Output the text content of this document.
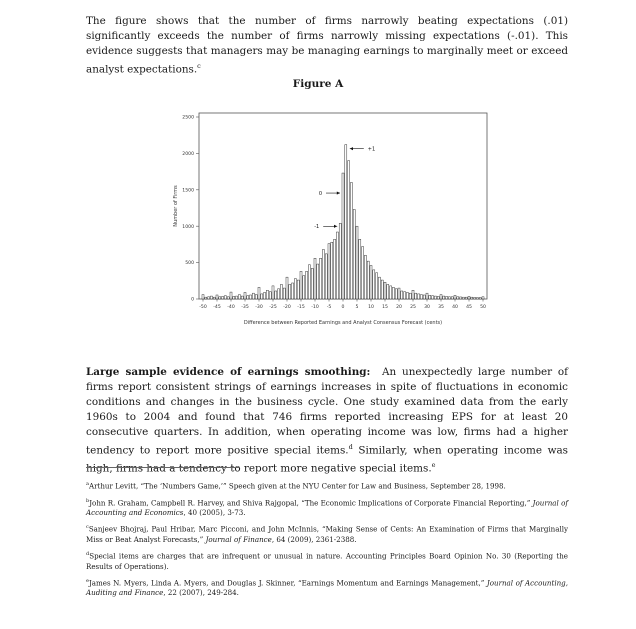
The figure shows that the number of firms narrowly beating expectations (.01) significantly exceeds the number of firms narrowly missing expectations (-.01). This evidence suggests that managers may be managing earnings to marginally meet or exceed analyst expectations.$^c$

Figure A
0
500
1000
1500
2000
2500
-50 -45 -40 -35 -30 -25 -20 -15 -10 -5 0 5 10 15 20 25 30 35 40 45 50
+1
0
-1
Number of Firms
Difference between Reported Earnings and Analyst Consensus Forecast (cents)

Large sample evidence of earnings smoothing: An unexpectedly large number of firms report consistent strings of earnings increases in spite of fluctuations in economic conditions and changes in the business cycle. One study examined data from the early 1960s to 2004 and found that 746 firms reported increasing EPS for at least 20 consecutive quarters. In addition, when operating income was low, firms had a higher tendency to report more positive special items.$^d$ Similarly, when operating income was high, firms had a tendency to report more negative special items.$^e$

$^a$Arthur Levitt, “The ‘Numbers Game,’” Speech given at the NYU Center for Law and Business, September 28, 1998.

$^b$John R. Graham, Campbell R. Harvey, and Shiva Rajgopal, “The Economic Implications of Corporate Financial Reporting,” Journal of Accounting and Economics, 40 (2005), 3-73.

$^c$Sanjeev Bhojraj, Paul Hribar, Marc Picconi, and John McInnis, “Making Sense of Cents: An Examination of Firms that Marginally Miss or Beat Analyst Forecasts,” Journal of Finance, 64 (2009), 2361-2388.

$^d$Special items are charges that are infrequent or unusual in nature. Accounting Principles Board Opinion No. 30 (Reporting the Results of Operations).

$^e$James N. Myers, Linda A. Myers, and Douglas J. Skinner, “Earnings Momentum and Earnings Management,” Journal of Accounting, Auditing and Finance, 22 (2007), 249-284.
